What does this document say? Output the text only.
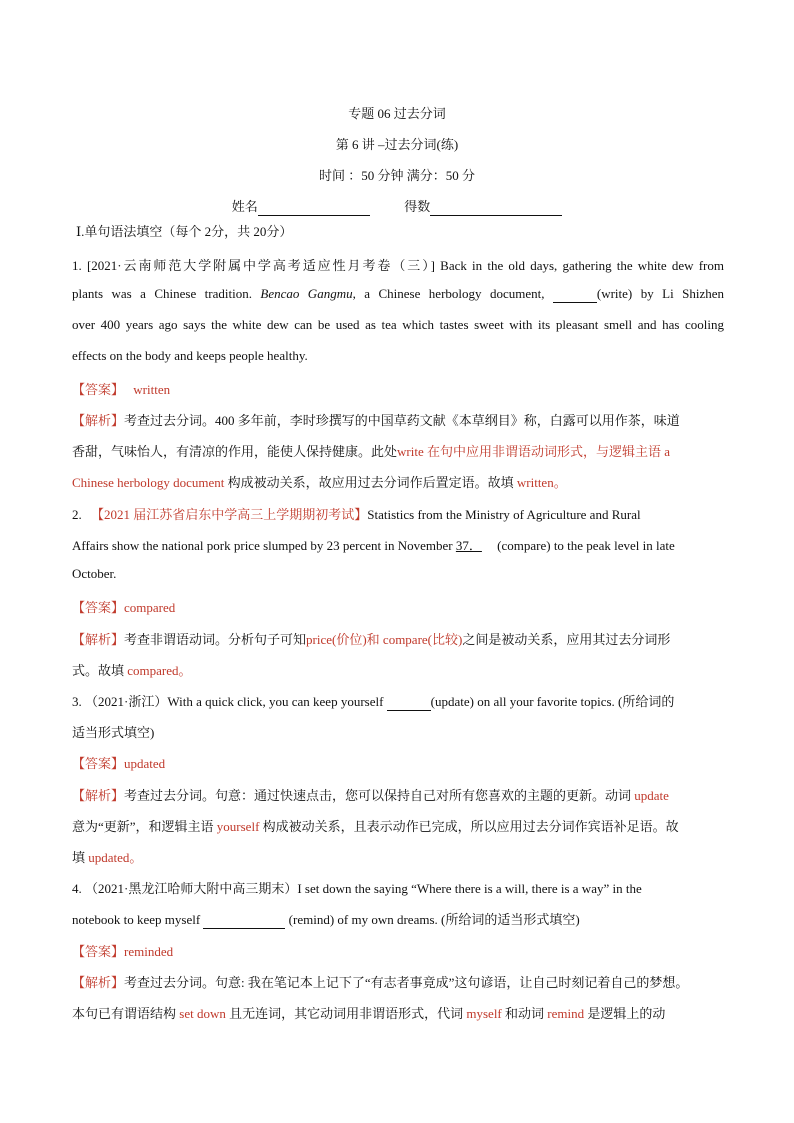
专题 06 过去分词
第 6 讲 –过去分词(练)
时间 ：50 分钟 满分：50 分
姓名	得数
Ⅰ.单句语法填空（每个 2分，共 20分）
1. [2021·云南师范大学附属中学高考适应性月考卷（三）] Back in the old days, gathering the white dew from
plants was a Chinese tradition. Bencao Gangmu, a Chinese herbology document,	(write) by Li Shizhen
over 400 years ago says the white dew can be used as tea which tastes sweet with its pleasant smell and has cooling
effects on the body and keeps people healthy.
【答案】 written
【解析】考查过去分词。400 多年前，李时珍撰写的中国草药文献《本草纲目》称，白露可以用作茶，味道
香甜，气味怡人，有清凉的作用，能使人保持健康。此处write 在句中应用非谓语动词形式，与逻辑主语 a
Chinese herbology document 构成被动关系，故应用过去分词作后置定语。故填 written。
2. 【2021 届江苏省启东中学高三上学期期初考试】Statistics from the Ministry of Agriculture and Rural
Affairs show the national pork price slumped by 23 percent in November 37． (compare) to the peak level in late
October.
【答案】compared
【解析】考查非谓语动词。分析句子可知price(价位)和 compare(比较)之间是被动关系，应用其过去分词形
式。故填 compared。
3. （2021·浙江）With a quick click, you can keep yourself	(update) on all your favorite topics. (所给词的
适当形式填空)
【答案】updated
【解析】考查过去分词。句意：通过快速点击，您可以保持自己对所有您喜欢的主题的更新。动词 update
意为“更新”，和逻辑主语 yourself 构成被动关系，且表示动作已完成，所以应用过去分词作宾语补足语。故
填 updated。
4. （2021·黑龙江哈师大附中高三期末）I set down the saying “Where there is a will, there is a way” in the
notebook to keep myself	(remind) of my own dreams. (所给词的适当形式填空)
【答案】reminded
【解析】考查过去分词。句意: 我在笔记本上记下了“有志者事竟成”这句谚语，让自己时刻记着自己的梦想。
本句已有谓语结构 set down 且无连词，其它动词用非谓语形式，代词 myself 和动词 remind 是逻辑上的动
